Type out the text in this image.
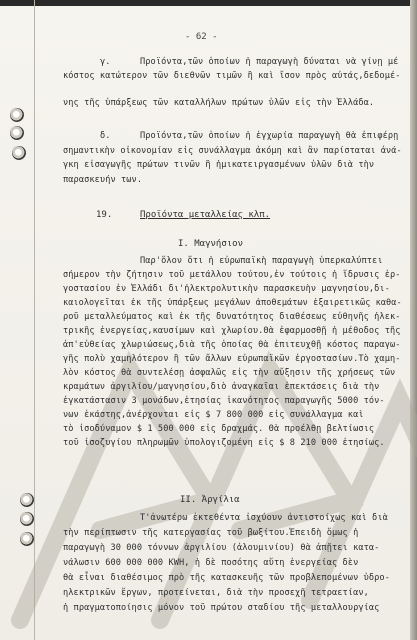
- 62 -
γ.	Προϊόντα,τῶν ὁποίων ἡ παραγωγὴ δύναται νὰ γίνῃ μέ
κόστος κατώτερον τῶν διεθνῶν τιμῶν ἢ καὶ ἴσον πρὸς αὐτάς,δεδομέ-
νης τῆς ὑπάρξεως τῶν καταλλήλων πρώτων ὑλῶν εἰς τὴν Ἑλλάδα.
δ.	Προϊόντα,τῶν ὁποίων ἡ ἐγχωρία παραγωγὴ θὰ ἐπιφέρῃ
σημαντικὴν οἰκονομίαν εἰς συνάλλαγμα ἀκόμη καὶ ἂν παρίσταται ἀνά-
γκη εἰσαγωγῆς πρώτων τινῶν ἢ ἡμικατειργασμένων ὑλῶν διὰ τὴν
παρασκευήν των.
19.	Προϊόντα μεταλλείας κλπ.
I. Μαγνήσιον
Παρ'ὅλον ὅτι ἡ εὐρωπαϊκὴ παραγωγὴ ὑπερκαλύπτει
σήμερον τὴν ζήτησιν τοῦ μετάλλου τούτου,ἐν τούτοις ἡ ἵδρυσις ἐρ-
γοστασίου ἐν Ἑλλάδι δι'ἠλεκτρολυτικὴν παρασκευὴν μαγνησίου,δι-
καιολογεῖται ἐκ τῆς ὑπάρξεως μεγάλων ἀποθεμάτων ἐξαιρετικῶς καθα-
ροῦ μεταλλεύματος καὶ ἐκ τῆς δυνατότητος διαθέσεως εὐθηνῆς ἠλεκ-
τρικῆς ἐνεργείας,καυσίμων καὶ χλωρίου.Θὰ ἐφαρμοσθῇ ἡ μέθοδος τῆς
ἀπ'εὐθείας χλωριώσεως,διὰ τῆς ὁποίας θὰ ἐπιτευχθῇ κόστος παραγω-
γῆς πολὺ χαμηλότερον ἢ τῶν ἄλλων εὐρωπαϊκῶν ἐργοστασίων.Τὸ χαμη-
λὸν κόστος θὰ συντελέσῃ ἀσφαλῶς εἰς τὴν αὔξησιν τῆς χρήσεως τῶν
κραμάτων ἀργιλίου/μαγνησίου,διὸ ἀναγκαῖαι ἐπεκτάσεις διὰ τὴν
ἐγκατάστασιν 3 μονάδων,ἑτησίας ἱκανότητος παραγωγῆς 5000 τόν-
νων ἑκάστης,ἀνέρχονται εἰς $ 7 800 000 εἰς συνάλλαγμα καὶ
τὸ ἰσοδύναμον $ 1 500 000 εἰς δραχμάς. Θὰ προέλθῃ βελτίωσις
τοῦ ἰσοζυγίου πληρωμῶν ὑπολογιζομένη εἰς $ 8 210 000 ἐτησίως.
II. Ἀργίλια
Τ'ἀνωτέρω ἐκτεθέντα ἰσχύουν ἀντιστοίχως καὶ διὰ
τὴν περίπτωσιν τῆς κατεργασίας τοῦ βωξίτου.Ἐπειδὴ ὅμως ἡ
παραγωγὴ 30 000 τόννων ἀργιλίου (ἀλουμινίου) θὰ ἀπῇτει κατα-
νάλωσιν 600 000 000 KWH, ἡ δὲ ποσότης αὕτη ἐνεργείας δὲν
θὰ εἶναι διαθέσιμος πρὸ τῆς κατασκευῆς τῶν προβλεπομένων ὑδρο-
ηλεκτρικῶν ἔργων, προτείνεται, διὰ τὴν προσεχῆ τετραετίαν,
ἡ πραγματοποίησις μόνον τοῦ πρώτου σταδίου τῆς μεταλλουργίας
